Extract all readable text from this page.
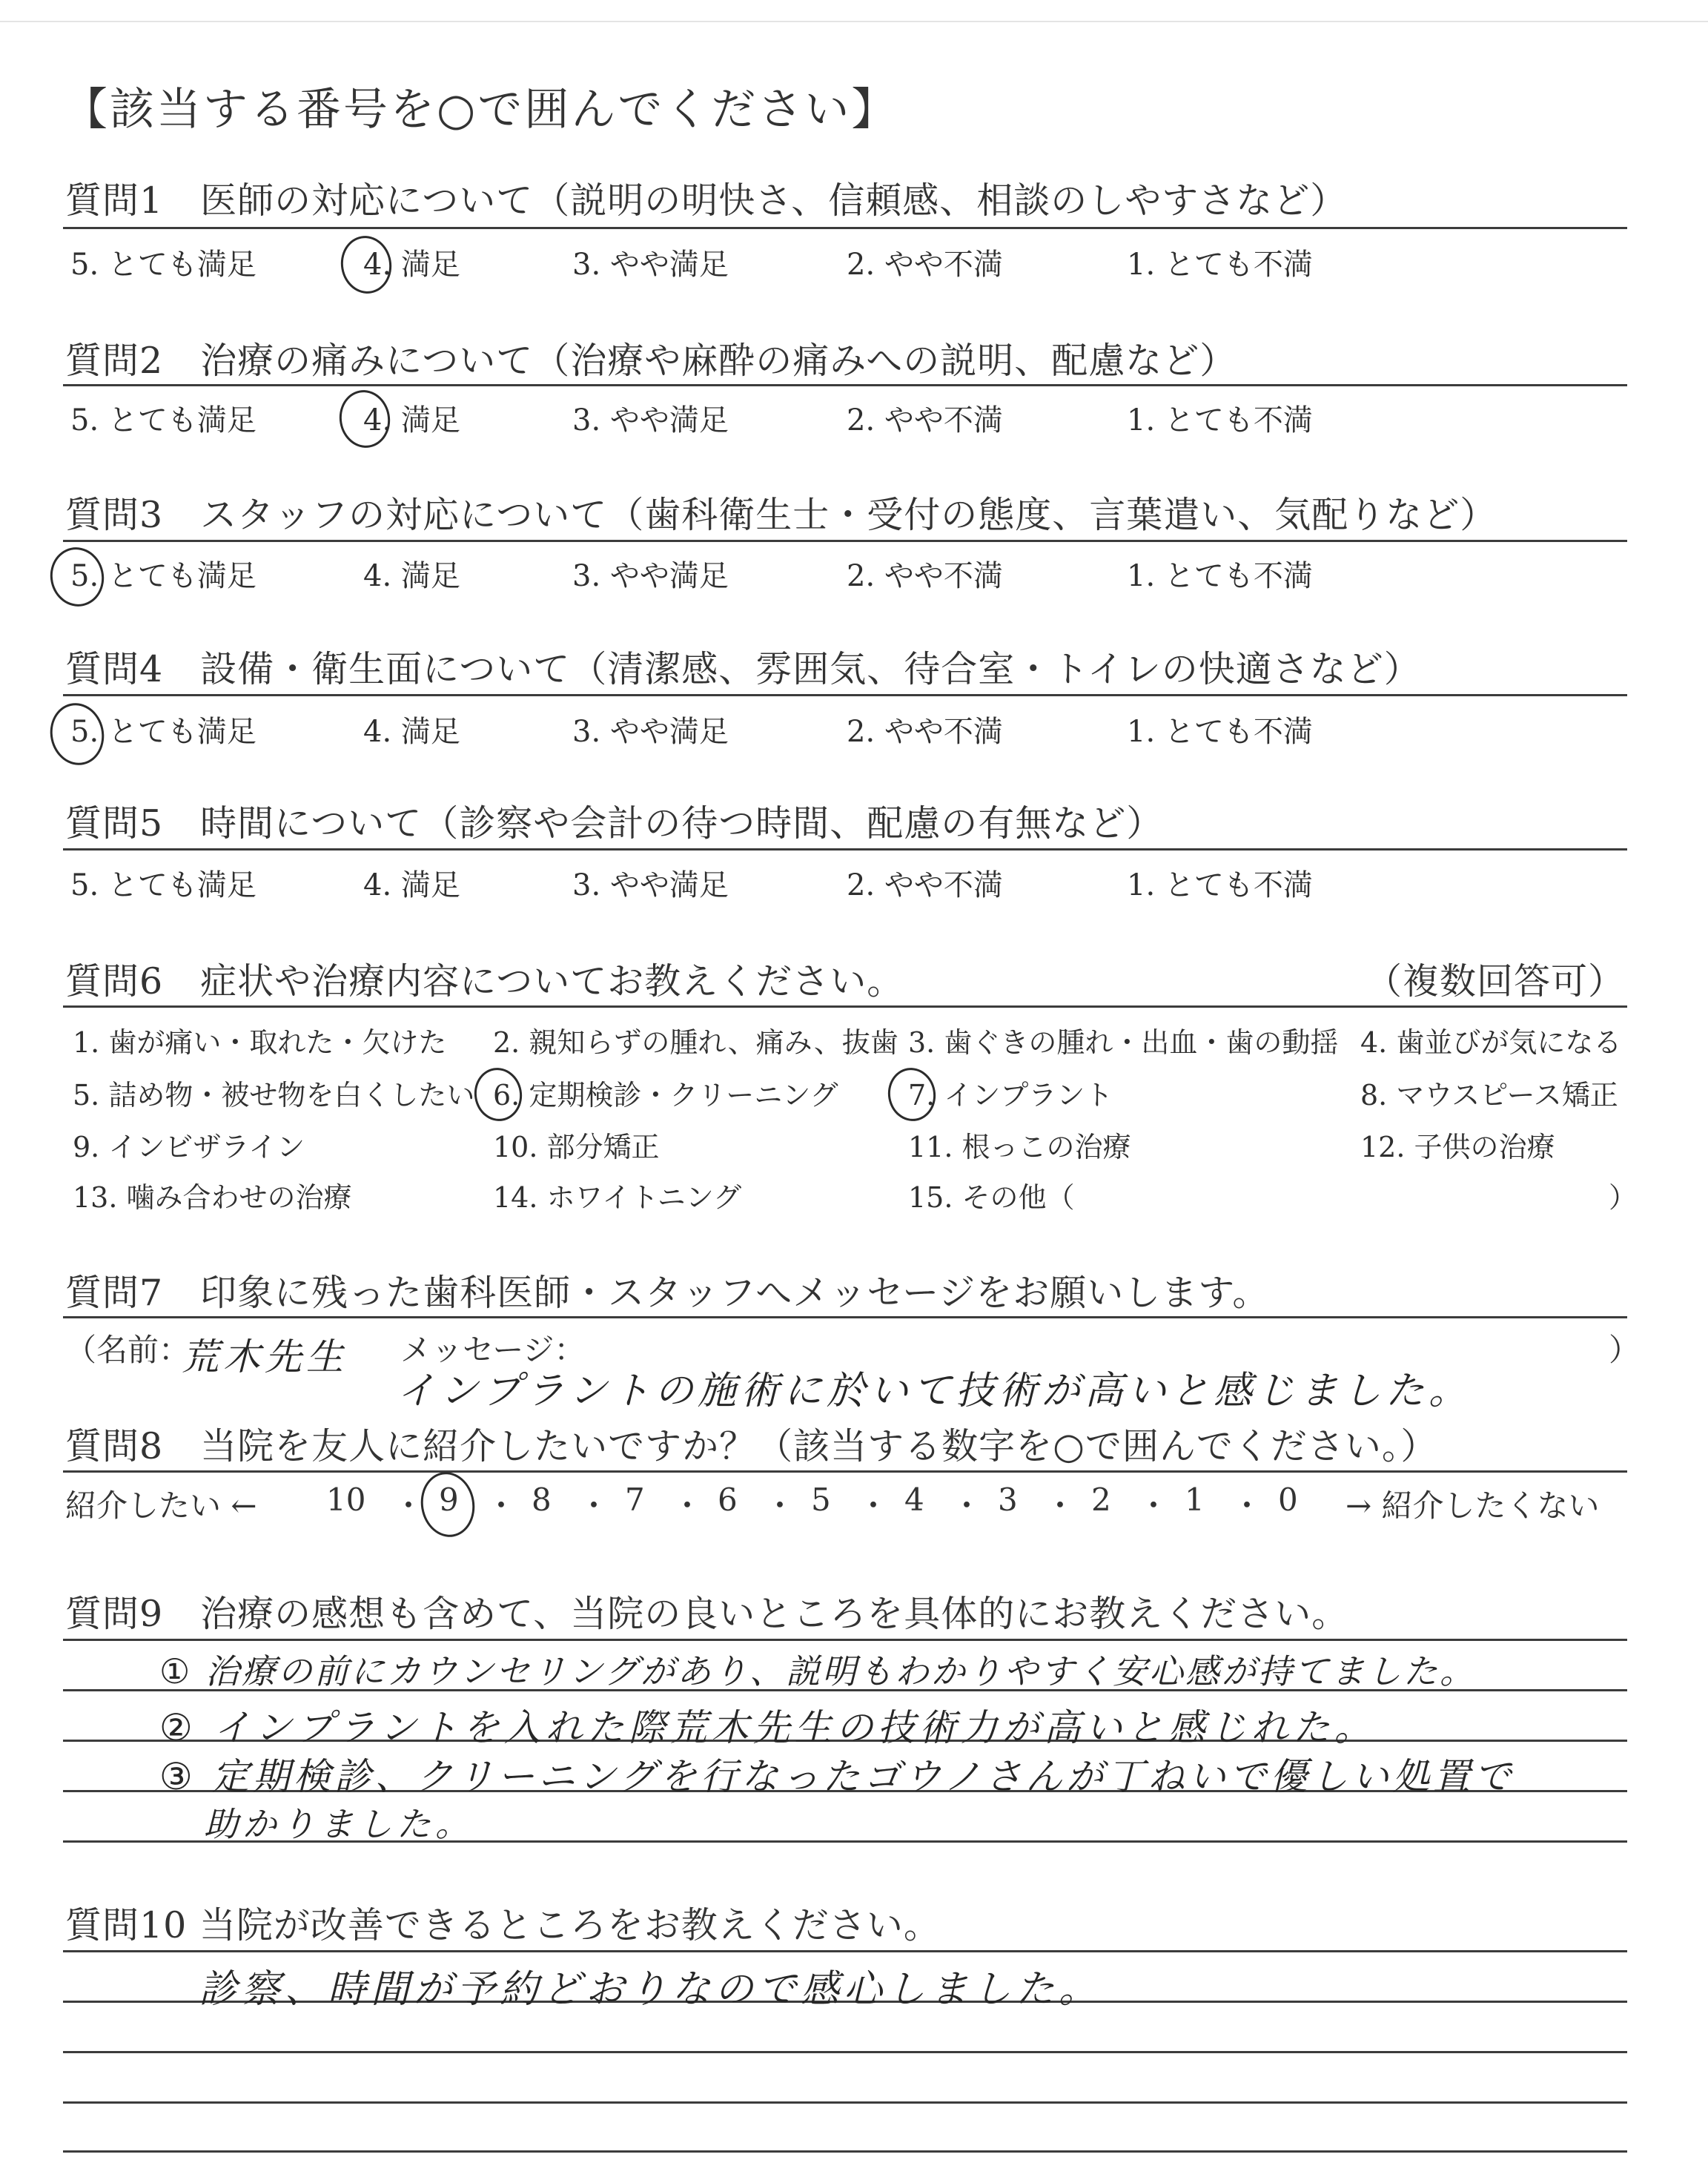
【該当する番号を○で囲んでください】
質問1　医師の対応について（説明の明快さ、信頼感、相談のしやすさなど）
5. とても満足	4. 満足	3. やや満足	2. やや不満	1. とても不満
質問2　治療の痛みについて（治療や麻酔の痛みへの説明、配慮など）
5. とても満足	4. 満足	3. やや満足	2. やや不満	1. とても不満
質問3　スタッフの対応について（歯科衛生士・受付の態度、言葉遣い、気配りなど）
5. とても満足	4. 満足	3. やや満足	2. やや不満	1. とても不満
質問4　設備・衛生面について（清潔感、雰囲気、待合室・トイレの快適さなど）
5. とても満足	4. 満足	3. やや満足	2. やや不満	1. とても不満
質問5　時間について（診察や会計の待つ時間、配慮の有無など）
5. とても満足	4. 満足	3. やや満足	2. やや不満	1. とても不満
質問6　症状や治療内容についてお教えください。	（複数回答可）
1. 歯が痛い・取れた・欠けた 2. 親知らずの腫れ、痛み、抜歯 3. 歯ぐきの腫れ・出血・歯の動揺 4. 歯並びが気になる
5. 詰め物・被せ物を白くしたい 6. 定期検診・クリーニング 7. インプラント	8. マウスピース矯正
9. インビザライン	10. 部分矯正	11. 根っこの治療	12. 子供の治療
13. 噛み合わせの治療	14. ホワイトニング	15. その他（	）
質問7　印象に残った歯科医師・スタッフへメッセージをお願いします。
（名前：
荒木先生 メッセージ：	）
インプラントの施術に於いて技術が高いと感じました。
質問8　当院を友人に紹介したいですか？（該当する数字を○で囲んでください。）
紹介したい ←	→ 紹介したくない
10 ・ 9 ・ 8 ・ 7 ・ 6 ・ 5 ・ 4 ・ 3 ・ 2 ・ 1 ・ 0
質問9　治療の感想も含めて、当院の良いところを具体的にお教えください。
① 治療の前にカウンセリングがあり、説明もわかりやすく安心感が持てました。
② インプラントを入れた際荒木先生の技術力が高いと感じれた。
③ 定期検診、クリーニングを行なったゴウノさんが丁ねいで優しい処置で
助かりました。
質問10 当院が改善できるところをお教えください。
診察、時間が予約どおりなので感心しました。
